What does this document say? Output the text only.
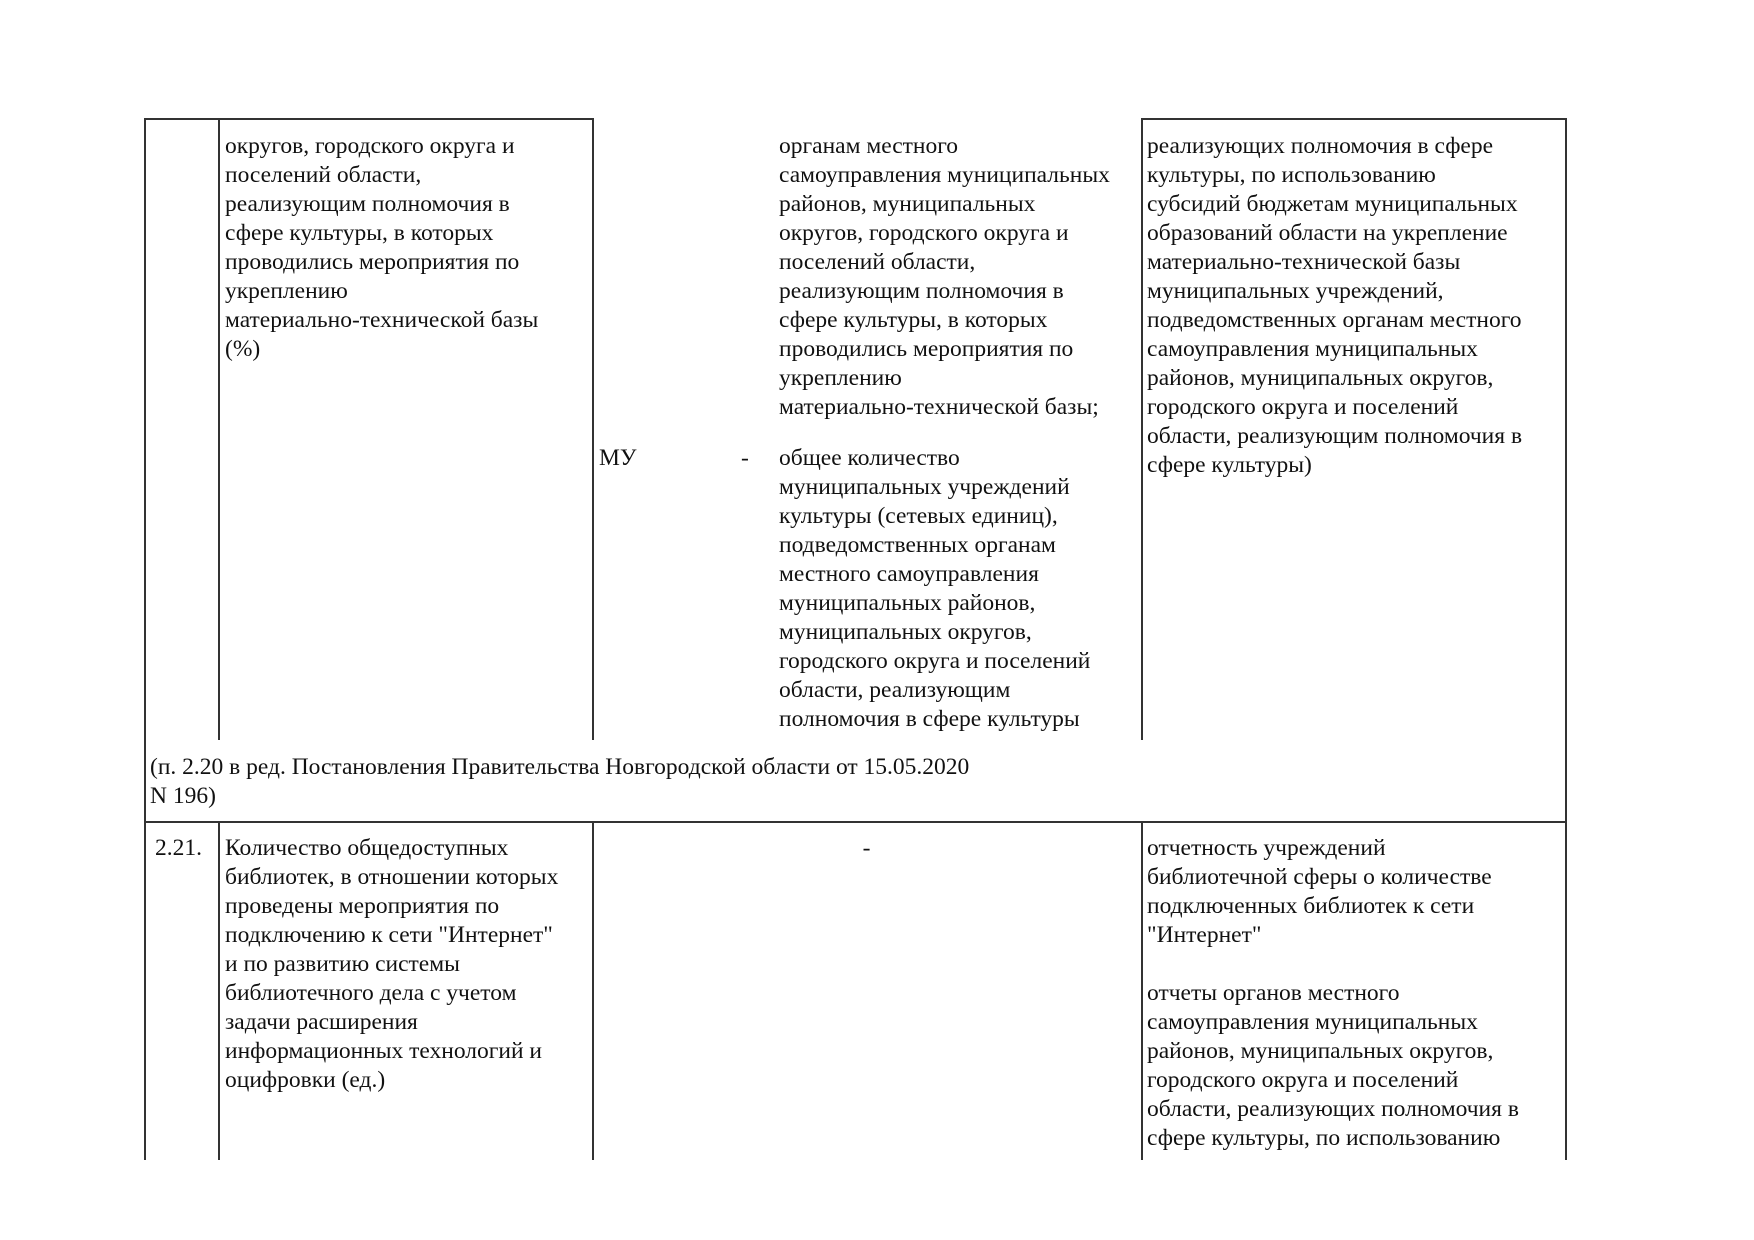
округов, городского округа и
поселений области,
реализующим полномочия в
сфере культуры, в которых
проводились мероприятия по
укреплению
материально-технической базы
(%)
органам местного
самоуправления муниципальных
районов, муниципальных
округов, городского округа и
поселений области,
реализующим полномочия в
сфере культуры, в которых
проводились мероприятия по
укреплению
материально-технической базы;
МУ	- общее количество
муниципальных учреждений
культуры (сетевых единиц),
подведомственных органам
местного самоуправления
муниципальных районов,
муниципальных округов,
городского округа и поселений
области, реализующим
полномочия в сфере культуры
реализующих полномочия в сфере
культуры, по использованию
субсидий бюджетам муниципальных
образований области на укрепление
материально-технической базы
муниципальных учреждений,
подведомственных органам местного
самоуправления муниципальных
районов, муниципальных округов,
городского округа и поселений
области, реализующим полномочия в
сфере культуры)
(п. 2.20 в ред. Постановления Правительства Новгородской области от 15.05.2020
N 196)
2.21. Количество общедоступных
библиотек, в отношении которых
проведены мероприятия по
подключению к сети "Интернет"
и по развитию системы
библиотечного дела с учетом
задачи расширения
информационных технологий и
оцифровки (ед.)
-	отчетность учреждений
библиотечной сферы о количестве
подключенных библиотек к сети
"Интернет"
отчеты органов местного
самоуправления муниципальных
районов, муниципальных округов,
городского округа и поселений
области, реализующих полномочия в
сфере культуры, по использованию
